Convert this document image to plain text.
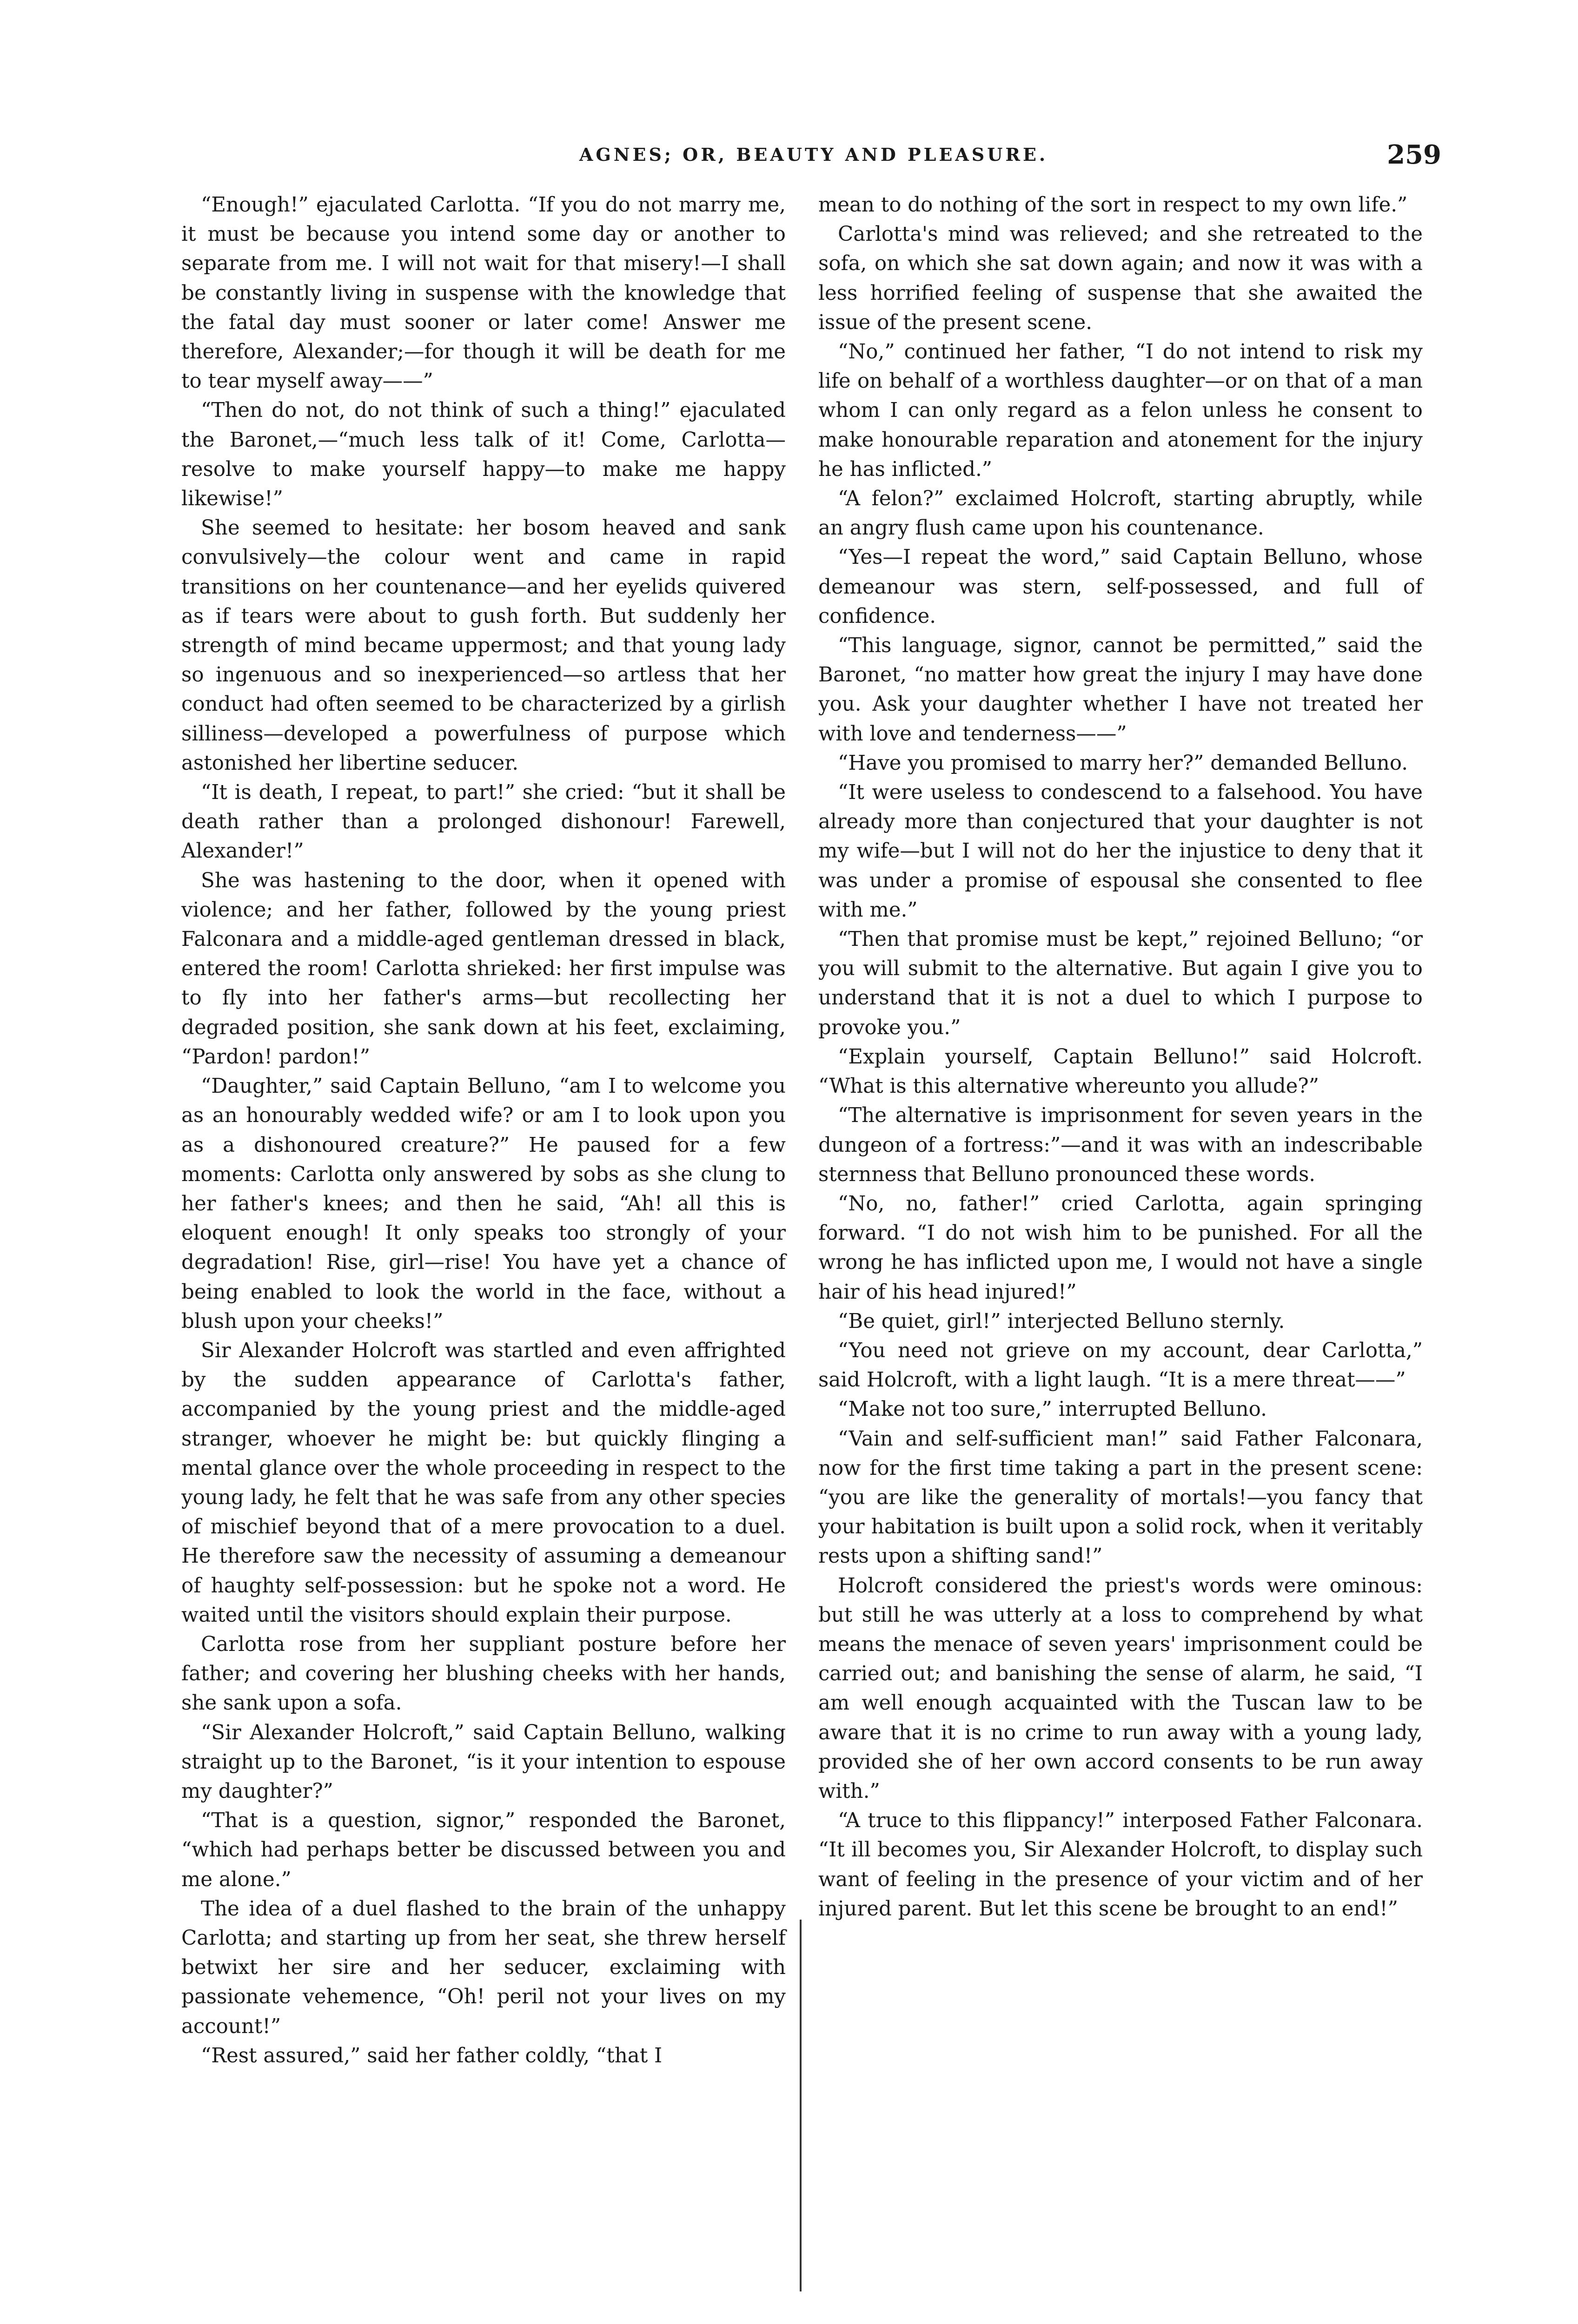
AGNES; OR, BEAUTY AND PLEASURE.	259

“Enough!” ejaculated Carlotta. “If you do not marry me, it must be because you intend some day or another to separate from me. I will not wait for that misery!—I shall be constantly living in suspense with the knowledge that the fatal day must sooner or later come! Answer me therefore, Alexander;—for though it will be death for me to tear myself away——”

“Then do not, do not think of such a thing!” ejaculated the Baronet,—“much less talk of it! Come, Carlotta—resolve to make yourself happy—to make me happy likewise!”

She seemed to hesitate: her bosom heaved and sank convulsively—the colour went and came in rapid transitions on her countenance—and her eyelids quivered as if tears were about to gush forth. But suddenly her strength of mind became uppermost; and that young lady so ingenuous and so inexperienced—so artless that her conduct had often seemed to be characterized by a girlish silliness—developed a powerfulness of purpose which astonished her libertine seducer.

“It is death, I repeat, to part!” she cried: “but it shall be death rather than a prolonged dishonour! Farewell, Alexander!”

She was hastening to the door, when it opened with violence; and her father, followed by the young priest Falconara and a middle-aged gentleman dressed in black, entered the room! Carlotta shrieked: her first impulse was to fly into her father's arms—but recollecting her degraded position, she sank down at his feet, exclaiming, “Pardon! pardon!”

“Daughter,” said Captain Belluno, “am I to welcome you as an honourably wedded wife? or am I to look upon you as a dishonoured creature?” He paused for a few moments: Carlotta only answered by sobs as she clung to her father's knees; and then he said, “Ah! all this is eloquent enough! It only speaks too strongly of your degradation! Rise, girl—rise! You have yet a chance of being enabled to look the world in the face, without a blush upon your cheeks!”

Sir Alexander Holcroft was startled and even affrighted by the sudden appearance of Carlotta's father, accompanied by the young priest and the middle-aged stranger, whoever he might be: but quickly flinging a mental glance over the whole proceeding in respect to the young lady, he felt that he was safe from any other species of mischief beyond that of a mere provocation to a duel. He therefore saw the necessity of assuming a demeanour of haughty self-possession: but he spoke not a word. He waited until the visitors should explain their purpose.

Carlotta rose from her suppliant posture before her father; and covering her blushing cheeks with her hands, she sank upon a sofa.

“Sir Alexander Holcroft,” said Captain Belluno, walking straight up to the Baronet, “is it your intention to espouse my daughter?”

“That is a question, signor,” responded the Baronet, “which had perhaps better be discussed between you and me alone.”

The idea of a duel flashed to the brain of the unhappy Carlotta; and starting up from her seat, she threw herself betwixt her sire and her seducer, exclaiming with passionate vehemence, “Oh! peril not your lives on my account!”

“Rest assured,” said her father coldly, “that I

mean to do nothing of the sort in respect to my own life.”

Carlotta's mind was relieved; and she retreated to the sofa, on which she sat down again; and now it was with a less horrified feeling of suspense that she awaited the issue of the present scene.

“No,” continued her father, “I do not intend to risk my life on behalf of a worthless daughter—or on that of a man whom I can only regard as a felon unless he consent to make honourable reparation and atonement for the injury he has inflicted.”

“A felon?” exclaimed Holcroft, starting abruptly, while an angry flush came upon his countenance.

“Yes—I repeat the word,” said Captain Belluno, whose demeanour was stern, self-possessed, and full of confidence.

“This language, signor, cannot be permitted,” said the Baronet, “no matter how great the injury I may have done you. Ask your daughter whether I have not treated her with love and tenderness——”

“Have you promised to marry her?” demanded Belluno.

“It were useless to condescend to a falsehood. You have already more than conjectured that your daughter is not my wife—but I will not do her the injustice to deny that it was under a promise of espousal she consented to flee with me.”

“Then that promise must be kept,” rejoined Belluno; “or you will submit to the alternative. But again I give you to understand that it is not a duel to which I purpose to provoke you.”

“Explain yourself, Captain Belluno!” said Holcroft. “What is this alternative whereunto you allude?”

“The alternative is imprisonment for seven years in the dungeon of a fortress:”—and it was with an indescribable sternness that Belluno pronounced these words.

“No, no, father!” cried Carlotta, again springing forward. “I do not wish him to be punished. For all the wrong he has inflicted upon me, I would not have a single hair of his head injured!”

“Be quiet, girl!” interjected Belluno sternly.

“You need not grieve on my account, dear Carlotta,” said Holcroft, with a light laugh. “It is a mere threat——”

“Make not too sure,” interrupted Belluno.

“Vain and self-sufficient man!” said Father Falconara, now for the first time taking a part in the present scene: “you are like the generality of mortals!—you fancy that your habitation is built upon a solid rock, when it veritably rests upon a shifting sand!”

Holcroft considered the priest's words were ominous: but still he was utterly at a loss to comprehend by what means the menace of seven years' imprisonment could be carried out; and banishing the sense of alarm, he said, “I am well enough acquainted with the Tuscan law to be aware that it is no crime to run away with a young lady, provided she of her own accord consents to be run away with.”

“A truce to this flippancy!” interposed Father Falconara. “It ill becomes you, Sir Alexander Holcroft, to display such want of feeling in the presence of your victim and of her injured parent. But let this scene be brought to an end!”
